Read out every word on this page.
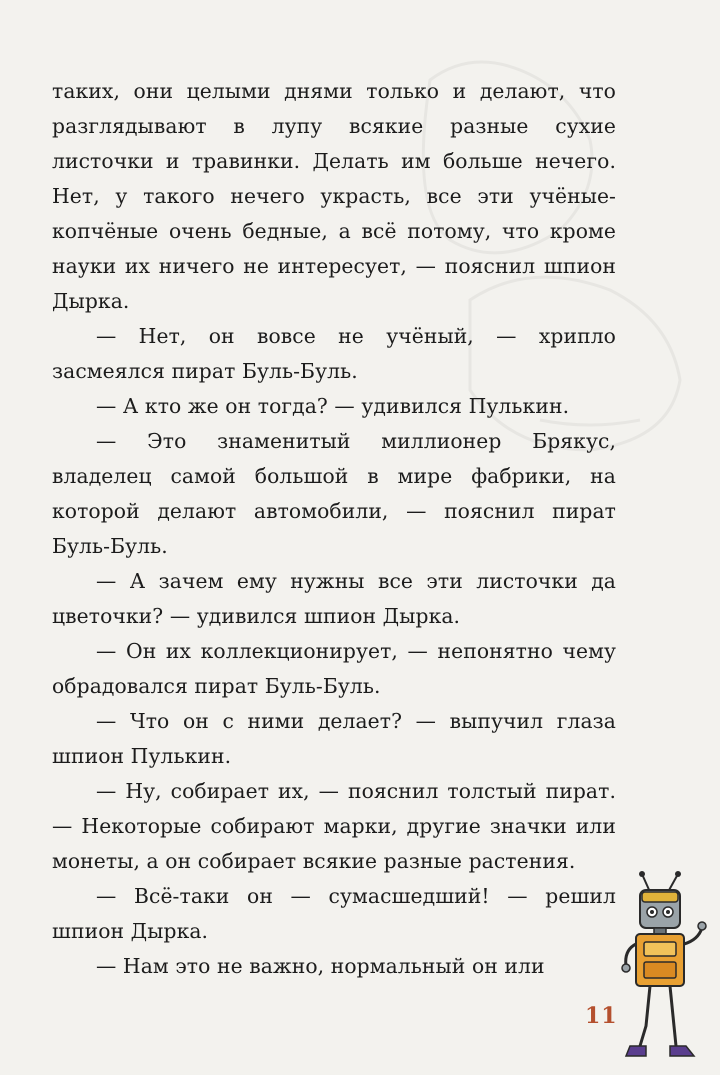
таких, они целыми днями только и делают, что разглядывают в лупу всякие разные сухие листочки и травинки. Делать им больше нечего. Нет, у такого нечего украсть, все эти учёные-копчёные очень бедные, а всё потому, что кроме науки их ничего не интересует, — пояснил шпион Дырка.

— Нет, он вовсе не учёный, — хрипло засмеялся пират Буль-Буль.

— А кто же он тогда? — удивился Пулькин.

— Это знаменитый миллионер Брякус, владелец самой большой в мире фабрики, на которой делают автомобили, — пояснил пират Буль-Буль.

— А зачем ему нужны все эти листочки да цветочки? — удивился шпион Дырка.

— Он их коллекционирует, — непонятно чему обрадовался пират Буль-Буль.

— Что он с ними делает? — выпучил глаза шпион Пулькин.

— Ну, собирает их, — пояснил толстый пират. — Некоторые собирают марки, другие значки или монеты, а он собирает всякие разные растения.

— Всё-таки он — сумасшедший! — решил шпион Дырка.

— Нам это не важно, нормальный он или

11
